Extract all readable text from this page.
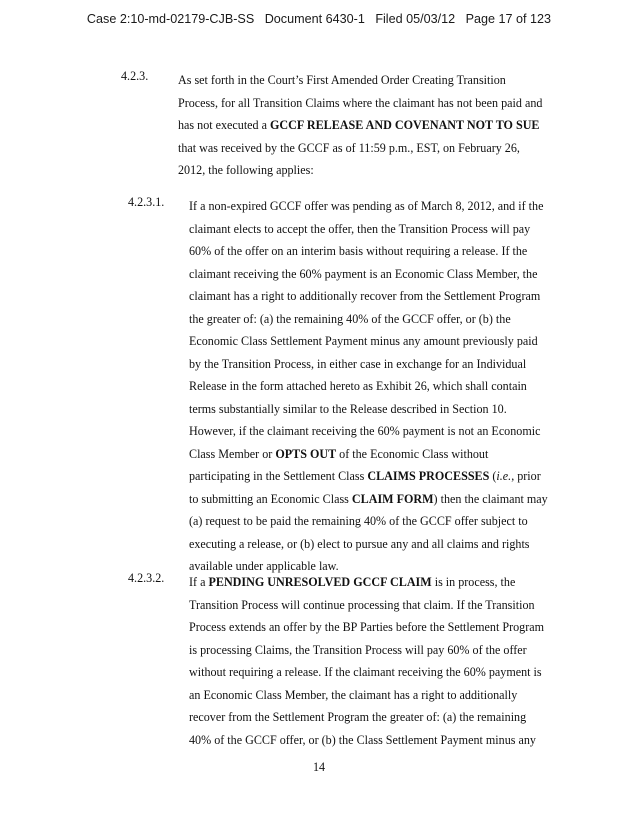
Case 2:10-md-02179-CJB-SS   Document 6430-1   Filed 05/03/12   Page 17 of 123
4.2.3. As set forth in the Court’s First Amended Order Creating Transition
Process, for all Transition Claims where the claimant has not been paid and
has not executed a GCCF RELEASE AND COVENANT NOT TO SUE
that was received by the GCCF as of 11:59 p.m., EST, on February 26,
2012, the following applies:
4.2.3.1. If a non-expired GCCF offer was pending as of March 8, 2012, and if the
claimant elects to accept the offer, then the Transition Process will pay
60% of the offer on an interim basis without requiring a release. If the
claimant receiving the 60% payment is an Economic Class Member, the
claimant has a right to additionally recover from the Settlement Program
the greater of: (a) the remaining 40% of the GCCF offer, or (b) the
Economic Class Settlement Payment minus any amount previously paid
by the Transition Process, in either case in exchange for an Individual
Release in the form attached hereto as Exhibit 26, which shall contain
terms substantially similar to the Release described in Section 10.
However, if the claimant receiving the 60% payment is not an Economic
Class Member or OPTS OUT of the Economic Class without
participating in the Settlement Class CLAIMS PROCESSES (i.e., prior
to submitting an Economic Class CLAIM FORM) then the claimant may
(a) request to be paid the remaining 40% of the GCCF offer subject to
executing a release, or (b) elect to pursue any and all claims and rights
available under applicable law.
4.2.3.2. If a PENDING UNRESOLVED GCCF CLAIM is in process, the
Transition Process will continue processing that claim. If the Transition
Process extends an offer by the BP Parties before the Settlement Program
is processing Claims, the Transition Process will pay 60% of the offer
without requiring a release. If the claimant receiving the 60% payment is
an Economic Class Member, the claimant has a right to additionally
recover from the Settlement Program the greater of: (a) the remaining
40% of the GCCF offer, or (b) the Class Settlement Payment minus any
14
